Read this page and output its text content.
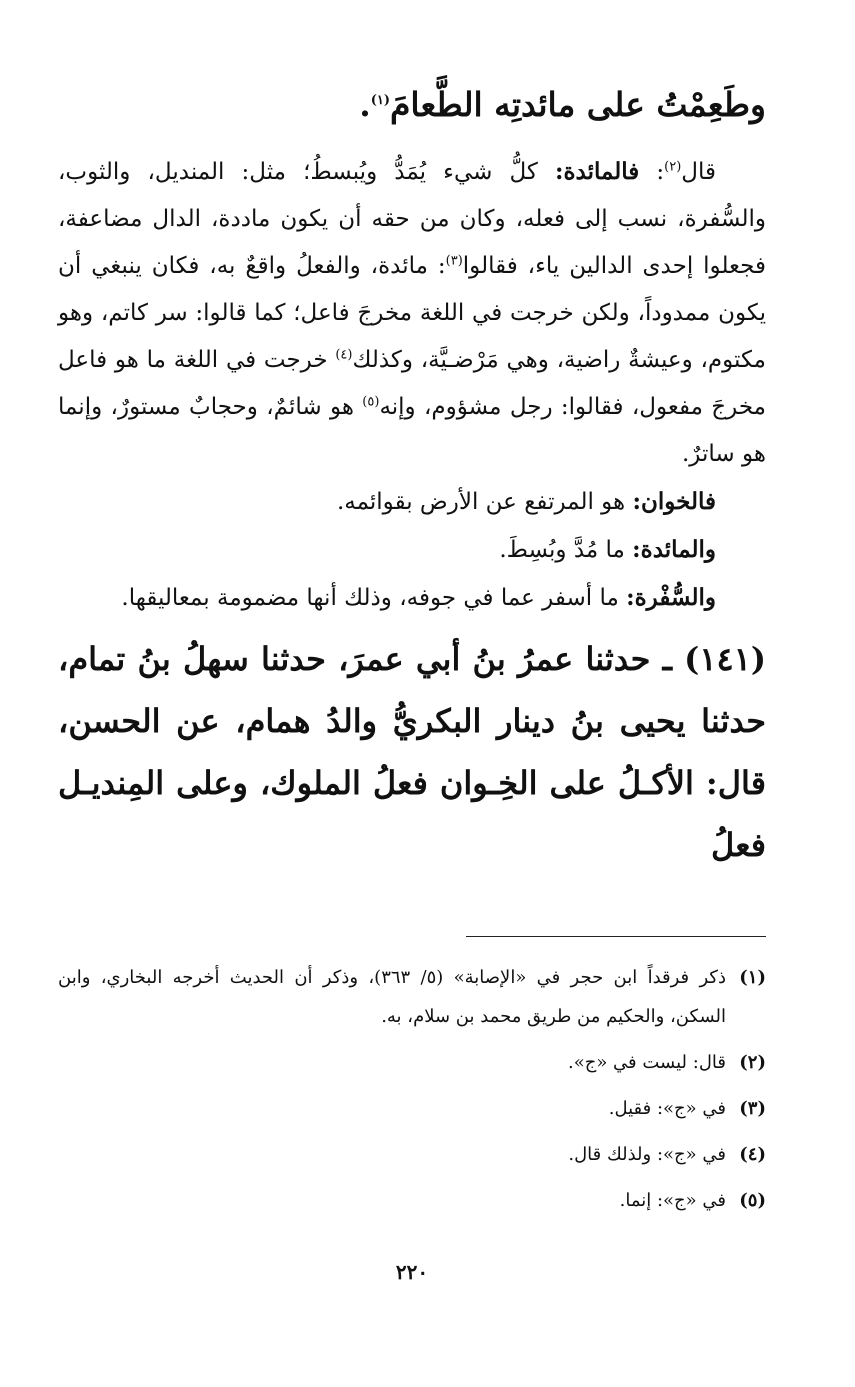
وطَعِمْتُ على مائدتِه الطَّعامَ$^{(١)}$.

قال$^{(٢)}$: فالمائدة: كلُّ شيء يُمَدُّ ويُبسطُ؛ مثل: المنديل، والثوب، والسُّفرة، نسب إلى فعله، وكان من حقه أن يكون ماددة، الدال مضاعفة، فجعلوا إحدى الدالين ياء، فقالوا$^{(٣)}$: مائدة، والفعلُ واقعٌ به، فكان ينبغي أن يكون ممدوداً، ولكن خرجت في اللغة مخرجَ فاعل؛ كما قالوا: سر كاتم، وهو مكتوم، وعيشةٌ راضية، وهي مَرْضـيَّة، وكذلك$^{(٤)}$ خرجت في اللغة ما هو فاعل مخرجَ مفعول، فقالوا: رجل مشؤوم، وإنه$^{(٥)}$ هو شائمٌ، وحجابٌ مستورٌ، وإنما هو ساترٌ.

فالخوان: هو المرتفع عن الأرض بقوائمه.

والمائدة: ما مُدَّ وبُسِطَ.

والسُّفْرة: ما أسفر عما في جوفه، وذلك أنها مضمومة بمعاليقها.

(١٤١) ـ حدثنا عمرُ بنُ أبي عمرَ، حدثنا سهلُ بنُ تمام، حدثنا يحيى بنُ دينار البكريُّ والدُ همام، عن الحسن، قال: الأكـلُ على الخِـوان فعلُ الملوك، وعلى المِنديـل فعلُ

(١)
ذكر فرقداً ابن حجر في «الإصابة» (٥/ ٣٦٣)، وذكر أن الحديث أخرجه البخاري، وابن السكن، والحكيم من طريق محمد بن سلام، به.
(٢)
قال: ليست في «ج».
(٣)
في «ج»: فقيل.
(٤)
في «ج»: ولذلك قال.
(٥)
في «ج»: إنما.
٢٢٠
